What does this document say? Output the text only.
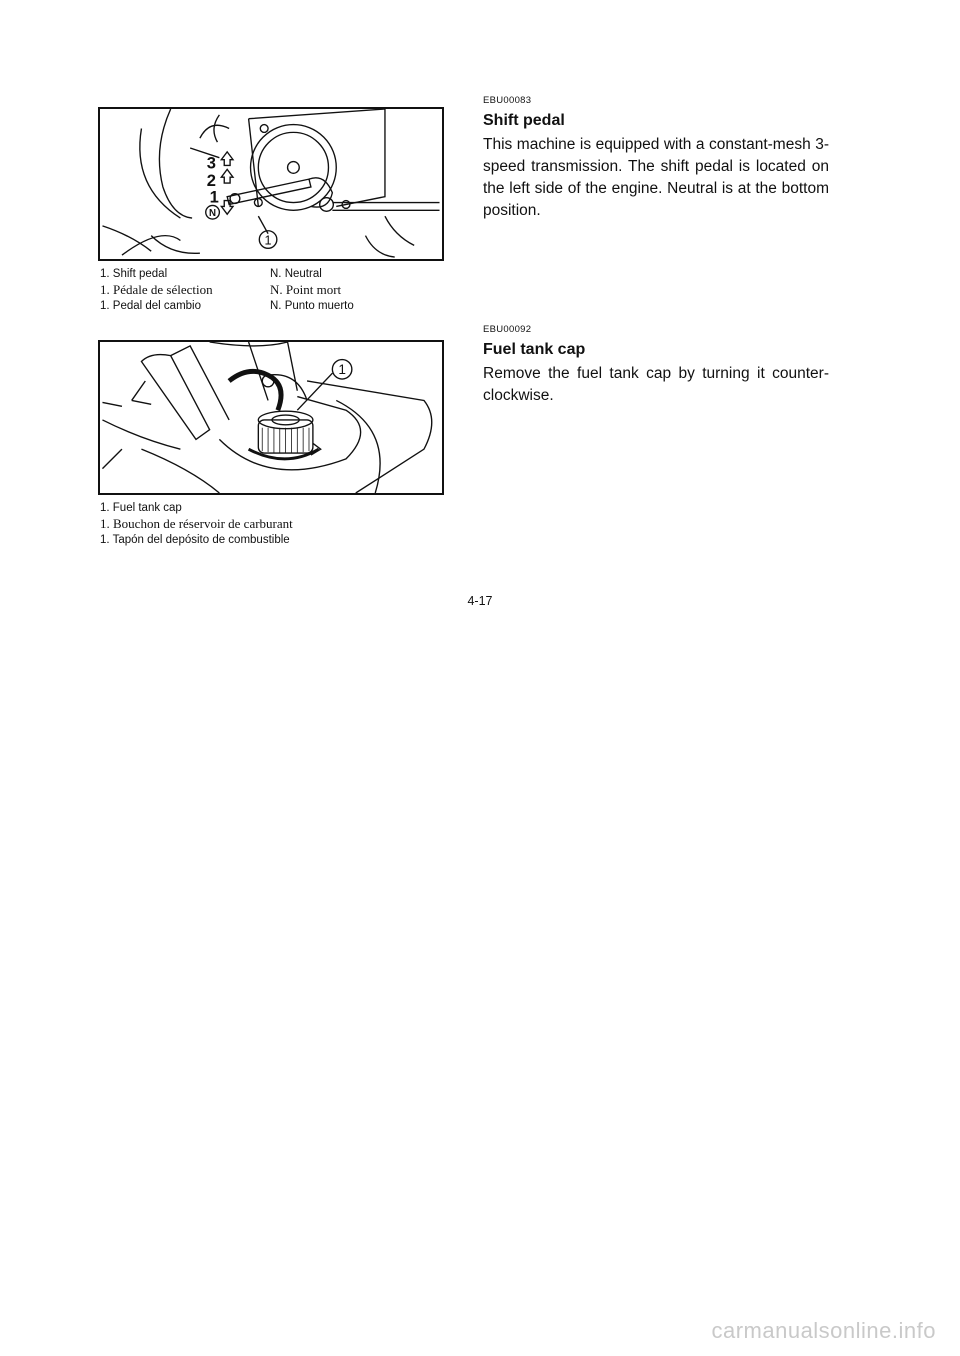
3
2
1
N
1
1. Shift pedal	N. Neutral
1. Pédale de sélection	N. Point mort
1. Pedal del cambio	N. Punto muerto
1
1. Fuel tank cap
1. Bouchon de réservoir de carburant
1. Tapón del depósito de combustible
EBU00083
Shift pedal

This machine is equipped with a constant-mesh 3-speed transmission. The shift pedal is located on the left side of the engine. Neutral is at the bottom position.

EBU00092
Fuel tank cap

Remove the fuel tank cap by turning it counter-clockwise.

4-17
carmanualsonline.info
